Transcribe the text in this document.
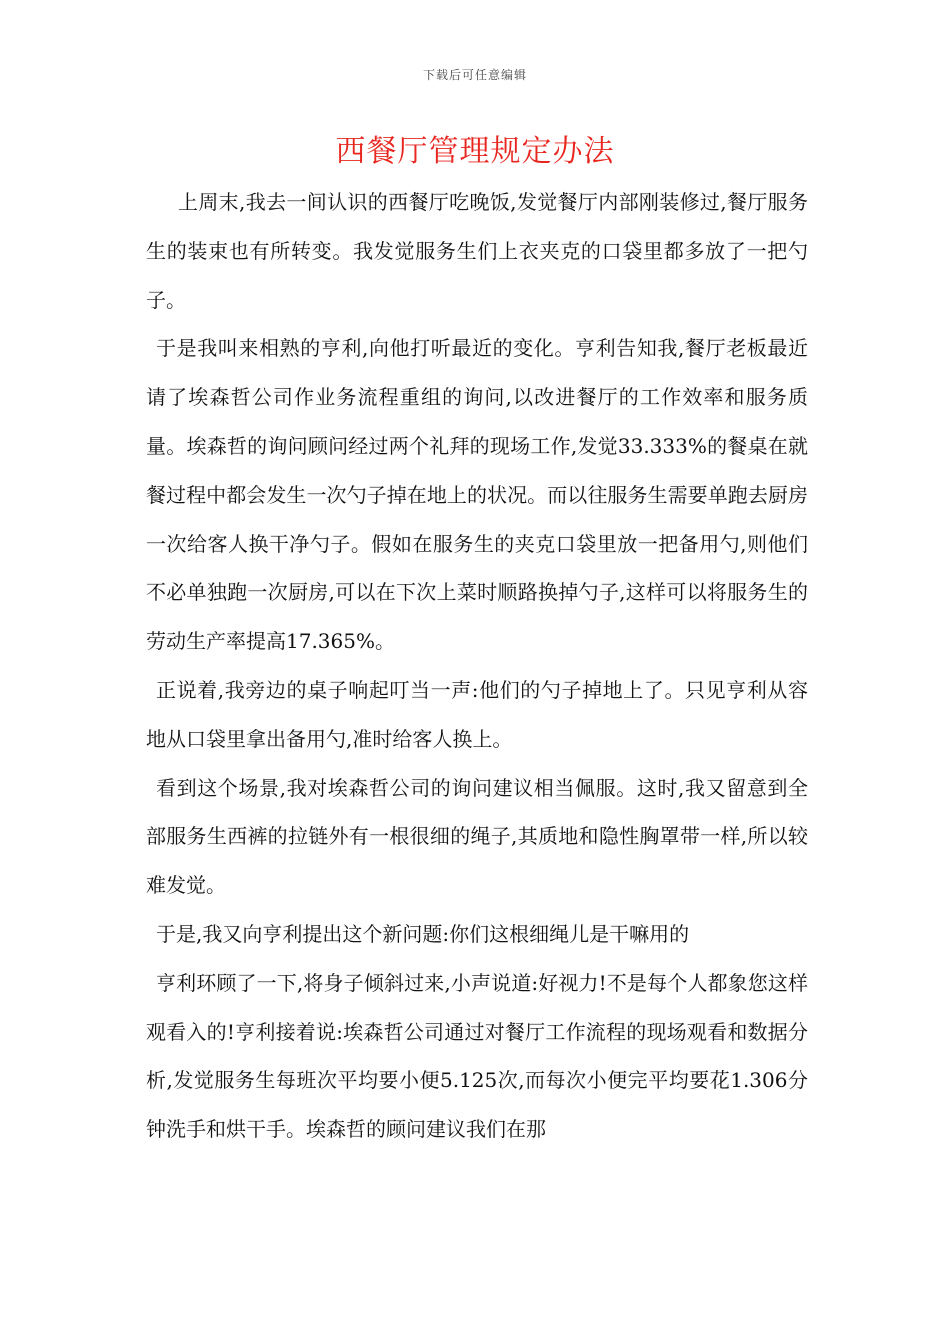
下载后可任意编辑
西餐厅管理规定办法

上周末,我去一间认识的西餐厅吃晚饭,发觉餐厅内部刚装修过,餐厅服务生的装束也有所转变。我发觉服务生们上衣夹克的口袋里都多放了一把勺子。

于是我叫来相熟的亨利,向他打听最近的变化。亨利告知我,餐厅老板最近请了埃森哲公司作业务流程重组的询问,以改进餐厅的工作效率和服务质量。埃森哲的询问顾问经过两个礼拜的现场工作,发觉33.333%的餐桌在就餐过程中都会发生一次勺子掉在地上的状况。而以往服务生需要单跑去厨房一次给客人换干净勺子。假如在服务生的夹克口袋里放一把备用勺,则他们不必单独跑一次厨房,可以在下次上菜时顺路换掉勺子,这样可以将服务生的劳动生产率提高17.365%。

正说着,我旁边的桌子响起叮当一声:他们的勺子掉地上了。只见亨利从容地从口袋里拿出备用勺,准时给客人换上。

看到这个场景,我对埃森哲公司的询问建议相当佩服。这时,我又留意到全部服务生西裤的拉链外有一根很细的绳子,其质地和隐性胸罩带一样,所以较难发觉。

于是,我又向亨利提出这个新问题:你们这根细绳儿是干嘛用的

亨利环顾了一下,将身子倾斜过来,小声说道:好视力!不是每个人都象您这样观看入的!亨利接着说:埃森哲公司通过对餐厅工作流程的现场观看和数据分析,发觉服务生每班次平均要小便5.125次,而每次小便完平均要花1.306分钟洗手和烘干手。埃森哲的顾问建议我们在那
